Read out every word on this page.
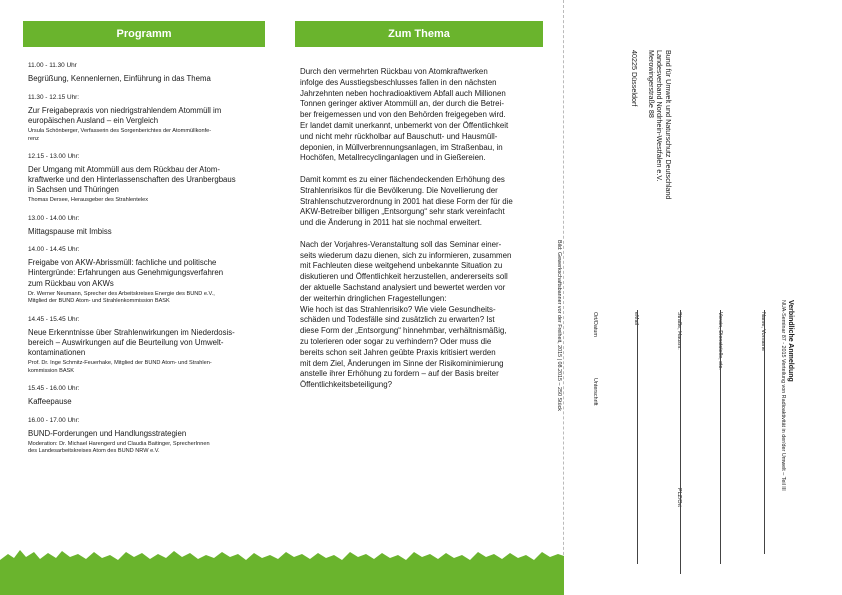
Programm	Zum Thema
11.00 - 11.30 Uhr
Begrüßung, Kennenlernen, Einführung in das Thema
11.30 - 12.15 Uhr:
Zur Freigabepraxis von niedrigstrahlendem Atommüll im
europäischen Ausland – ein Vergleich
Ursula Schönberger, Verfasserin des Sorgenberichtes der Atommüllkonfe-
renz
12.15 - 13.00 Uhr:
Der Umgang mit Atommüll aus dem Rückbau der Atom-
kraftwerke und den Hinterlassenschaften des Uranbergbaus
in Sachsen und Thüringen
Thomas Dersee, Herausgeber des Strahlentelex
13.00 - 14.00 Uhr:
Mittagspause mit Imbiss
14.00 - 14.45 Uhr:
Freigabe von AKW-Abrissmüll: fachliche und politische
Hintergründe: Erfahrungen aus Genehmigungsverfahren
zum Rückbau von AKWs
Dr. Werner Neumann, Sprecher des Arbeitskreises Energie des BUND e.V.,
Mitglied der BUND Atom- und Strahlenkommission BASK
14.45 - 15.45 Uhr:
Neue Erkenntnisse über Strahlenwirkungen im Niederdosis-
bereich – Auswirkungen auf die Beurteilung von Umwelt-
kontaminationen
Prof. Dr. Inge Schmitz-Feuerhake, Mitglied der BUND Atom- und Strahlen-
kommission BASK
15.45 - 16.00 Uhr:
Kaffeepause
16.00 - 17.00 Uhr:
BUND-Forderungen und Handlungsstrategien
Moderation: Dr. Michael Harengerd und Claudia Baitinger, SprecherInnen
des Landesarbeitskreises Atom des BUND NRW e.V.
Durch den vermehrten Rückbau von Atomkraftwerken
infolge des Ausstiegsbeschlusses fallen in den nächsten
Jahrzehnten neben hochradioaktivem Abfall auch Millionen
Tonnen geringer aktiver Atommüll an, der durch die Betrei-
ber freigemessen und von den Behörden freigegeben wird.
Er landet damit unerkannt, unbemerkt von der Öffentlichkeit
und nicht mehr rückholbar auf Bauschutt- und Hausmüll-
deponien, in Müllverbrennungsanlagen, im Straßenbau, in
Hochöfen, Metallrecyclinganlagen und in Gießereien.
Damit kommt es zu einer flächendeckenden Erhöhung des
Strahlenrisikos für die Bevölkerung. Die Novellierung der
Strahlenschutzverordnung in 2001 hat diese Form der für die
AKW-Betreiber billigen „Entsorgung“ sehr stark vereinfacht
und die Änderung in 2011 hat sie nochmal erweitert.
Nach der Vorjahres-Veranstaltung soll das Seminar einer-
seits wiederum dazu dienen, sich zu informieren, zusammen
mit Fachleuten diese weitgehend unbekannte Situation zu
diskutieren und Öffentlichkeit herzustellen, andererseits soll
der aktuelle Sachstand analysiert und bewertet werden vor
der weiterhin dringlichen Fragestellungen:
Wie hoch ist das Strahlenrisiko? Wie viele Gesundheits-
schäden und Todesfälle sind zusätzlich zu erwarten? Ist
diese Form der „Entsorgung“ hinnehmbar, verhältnismäßig,
zu tolerieren oder sogar zu verhindern? Oder muss die
bereits schon seit Jahren geübte Praxis kritisiert werden
mit dem Ziel, Änderungen im Sinne der Risikominimierung
anstelle ihrer Erhöhung zu fordern – auf der Basis breiter
Öffentlichkeitsbeteiligung?
Bund für Umwelt und Naturschutz Deutschland
Landesverband Nordrhein-Westfalen e.V.
Merowingerstraße 88
40225 Düsseldorf
Bild: Gewerkschaftsbanner vor der Freiheit, 2015 | 08.2015 – 250 Stück	Verbindliche Anmeldung
NUA-Seminar 87 - 2015 Verteilung von Radioaktivität in der/der Umwelt – Teil III
Name, Vorname
Verein, Dienststelle, etc.
Straße, Hausnr.
PLZ/Ort
eMail
Ort/Datum
Unterschrift
